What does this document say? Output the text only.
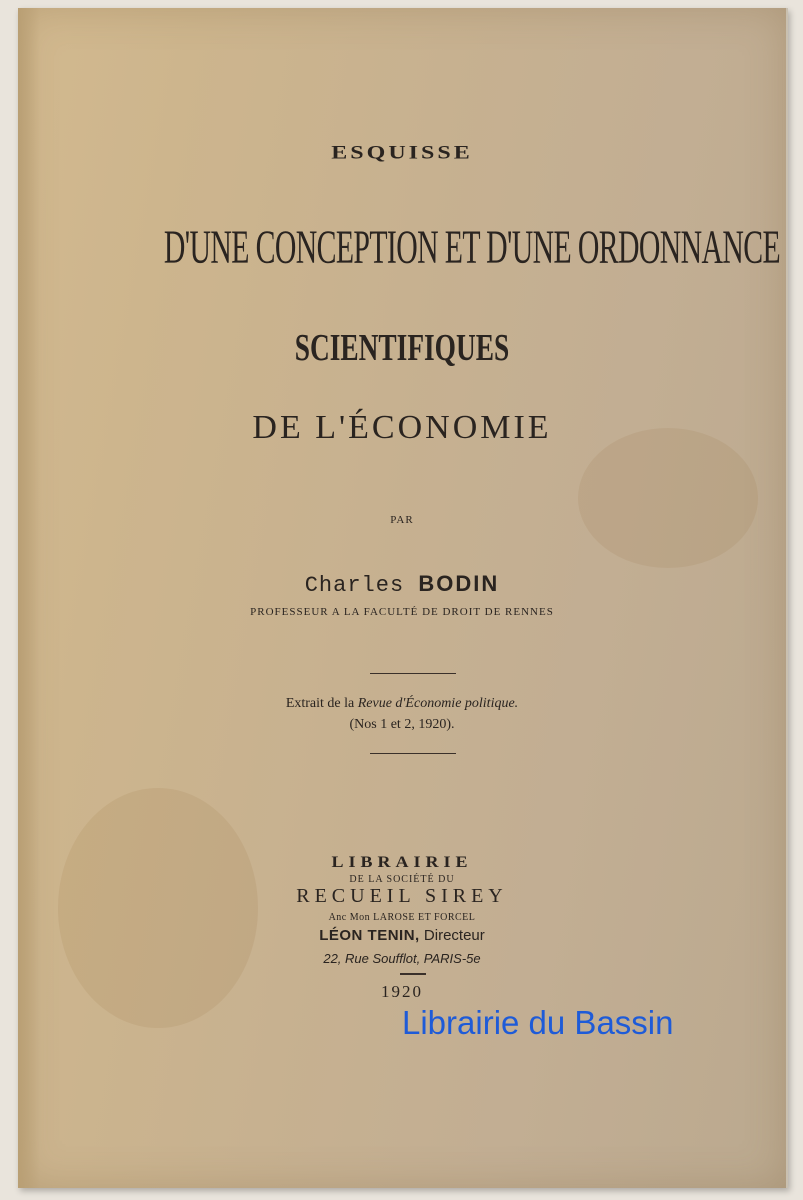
ESQUISSE
D'UNE CONCEPTION ET D'UNE ORDONNANCE
SCIENTIFIQUES
DE L'ÉCONOMIE
PAR
Charles BODIN
PROFESSEUR A LA FACULTÉ DE DROIT DE RENNES
Extrait de la Revue d'Économie politique.
(Nos 1 et 2, 1920).
LIBRAIRIE
DE LA SOCIÉTÉ DU
RECUEIL SIREY
Anc Mon LAROSE ET FORCEL
LÉON TENIN, Directeur
22, Rue Soufflot, PARIS-5e
1920
Librairie du Bassin
